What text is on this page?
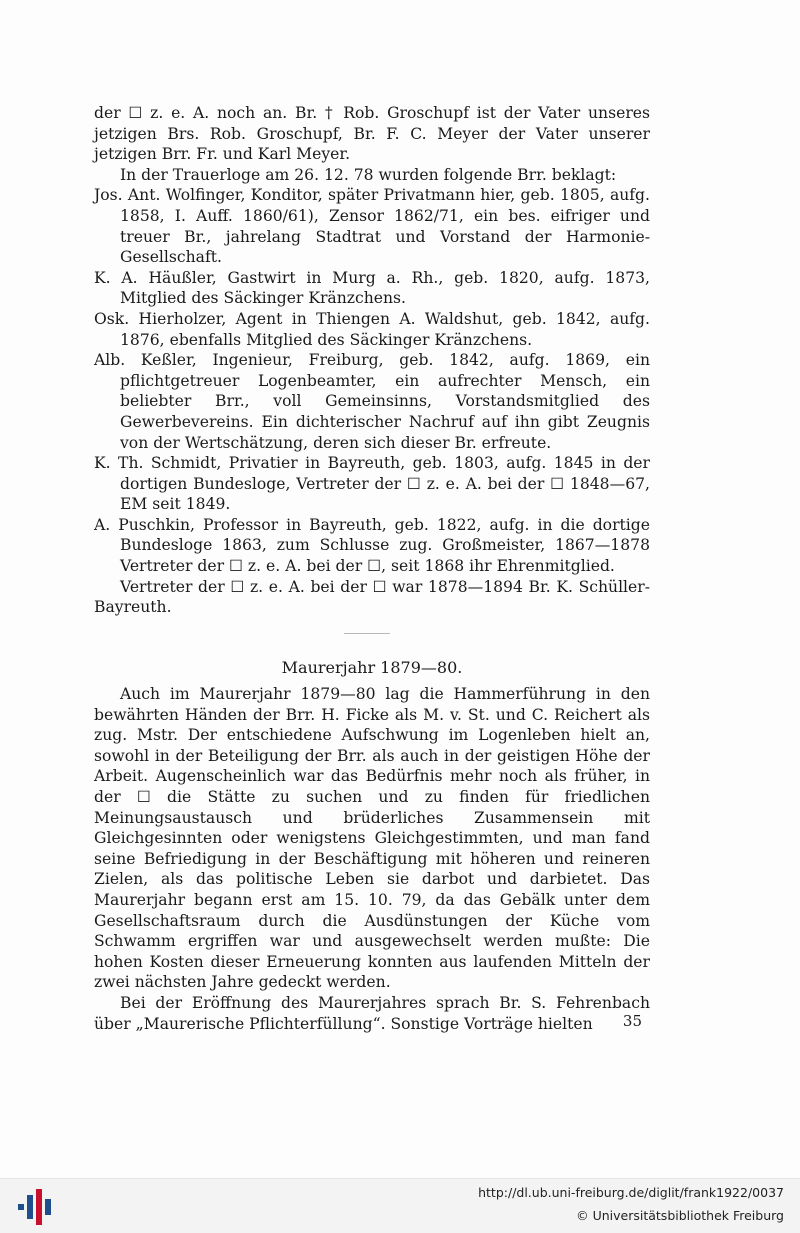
der ☐ z. e. A. noch an. Br. † Rob. Groschupf ist der Vater unseres jetzigen Brs. Rob. Groschupf, Br. F. C. Meyer der Vater unserer jetzigen Brr. Fr. und Karl Meyer.

In der Trauerloge am 26. 12. 78 wurden folgende Brr. beklagt:

Jos. Ant. Wolfinger, Konditor, später Privatmann hier, geb. 1805, aufg. 1858, I. Auff. 1860/61), Zensor 1862/71, ein bes. eifriger und treuer Br., jahrelang Stadtrat und Vorstand der Harmonie-Gesellschaft.

K. A. Häußler, Gastwirt in Murg a. Rh., geb. 1820, aufg. 1873, Mitglied des Säckinger Kränzchens.

Osk. Hierholzer, Agent in Thiengen A. Waldshut, geb. 1842, aufg. 1876, ebenfalls Mitglied des Säckinger Kränzchens.

Alb. Keßler, Ingenieur, Freiburg, geb. 1842, aufg. 1869, ein pflichtgetreuer Logenbeamter, ein aufrechter Mensch, ein beliebter Brr., voll Gemeinsinns, Vorstandsmitglied des Gewerbevereins. Ein dichterischer Nachruf auf ihn gibt Zeugnis von der Wertschätzung, deren sich dieser Br. erfreute.

K. Th. Schmidt, Privatier in Bayreuth, geb. 1803, aufg. 1845 in der dortigen Bundesloge, Vertreter der ☐ z. e. A. bei der ☐ 1848—67, EM seit 1849.

A. Puschkin, Professor in Bayreuth, geb. 1822, aufg. in die dortige Bundesloge 1863, zum Schlusse zug. Großmeister, 1867—1878 Vertreter der ☐ z. e. A. bei der ☐, seit 1868 ihr Ehrenmitglied.

Vertreter der ☐ z. e. A. bei der ☐ war 1878—1894 Br. K. Schüller-Bayreuth.

Maurerjahr 1879—80.

Auch im Maurerjahr 1879—80 lag die Hammerführung in den bewährten Händen der Brr. H. Ficke als M. v. St. und C. Reichert als zug. Mstr. Der entschiedene Aufschwung im Logenleben hielt an, sowohl in der Beteiligung der Brr. als auch in der geistigen Höhe der Arbeit. Augenscheinlich war das Bedürfnis mehr noch als früher, in der ☐ die Stätte zu suchen und zu finden für friedlichen Meinungsaustausch und brüderliches Zusammensein mit Gleichgesinnten oder wenigstens Gleichgestimmten, und man fand seine Befriedigung in der Beschäftigung mit höheren und reineren Zielen, als das politische Leben sie darbot und darbietet. Das Maurerjahr begann erst am 15. 10. 79, da das Gebälk unter dem Gesellschaftsraum durch die Ausdünstungen der Küche vom Schwamm ergriffen war und ausgewechselt werden mußte: Die hohen Kosten dieser Erneuerung konnten aus laufenden Mitteln der zwei nächsten Jahre gedeckt werden.

Bei der Eröffnung des Maurerjahres sprach Br. S. Fehrenbach über „Maurerische Pflichterfüllung“. Sonstige Vorträge hielten	35
http://dl.ub.uni-freiburg.de/diglit/frank1922/0037
© Universitätsbibliothek Freiburg
